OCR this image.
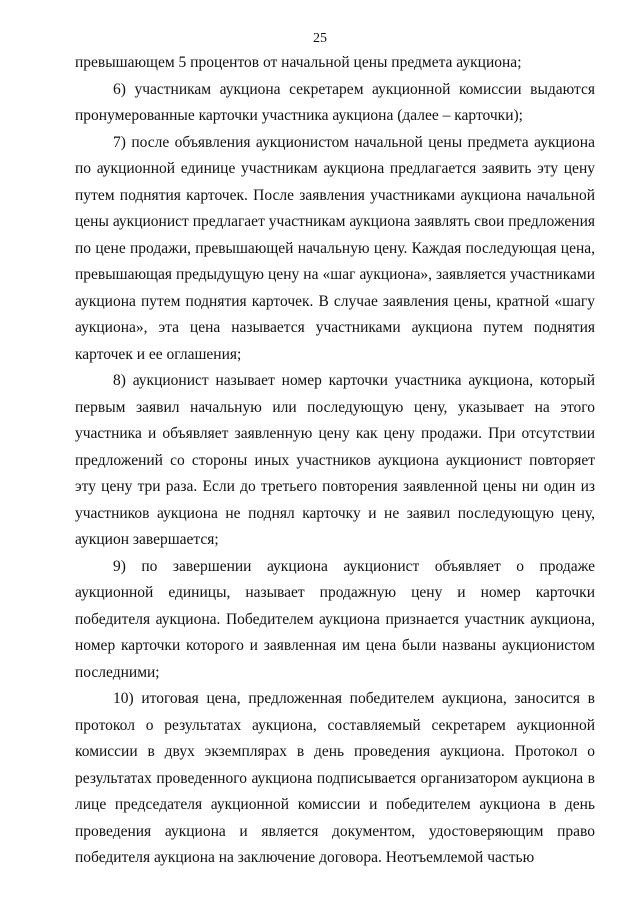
25

превышающем 5 процентов от начальной цены предмета аукциона;

6) участникам аукциона секретарем аукционной комиссии выдаются пронумерованные карточки участника аукциона (далее – карточки);

7) после объявления аукционистом начальной цены предмета аукциона по аукционной единице участникам аукциона предлагается заявить эту цену путем поднятия карточек. После заявления участниками аукциона начальной цены аукционист предлагает участникам аукциона заявлять свои предложения по цене продажи, превышающей начальную цену. Каждая последующая цена, превышающая предыдущую цену на «шаг аукциона», заявляется участниками аукциона путем поднятия карточек. В случае заявления цены, кратной «шагу аукциона», эта цена называется участниками аукциона путем поднятия карточек и ее оглашения;

8) аукционист называет номер карточки участника аукциона, который первым заявил начальную или последующую цену, указывает на этого участника и объявляет заявленную цену как цену продажи. При отсутствии предложений со стороны иных участников аукциона аукционист повторяет эту цену три раза. Если до третьего повторения заявленной цены ни один из участников аукциона не поднял карточку и не заявил последующую цену, аукцион завершается;

9) по завершении аукциона аукционист объявляет о продаже аукционной единицы, называет продажную цену и номер карточки победителя аукциона. Победителем аукциона признается участник аукциона, номер карточки которого и заявленная им цена были названы аукционистом последними;

10) итоговая цена, предложенная победителем аукциона, заносится в протокол о результатах аукциона, составляемый секретарем аукционной комиссии в двух экземплярах в день проведения аукциона. Протокол о результатах проведенного аукциона подписывается организатором аукциона в лице председателя аукционной комиссии и победителем аукциона в день проведения аукциона и является документом, удостоверяющим право победителя аукциона на заключение договора. Неотъемлемой частью
